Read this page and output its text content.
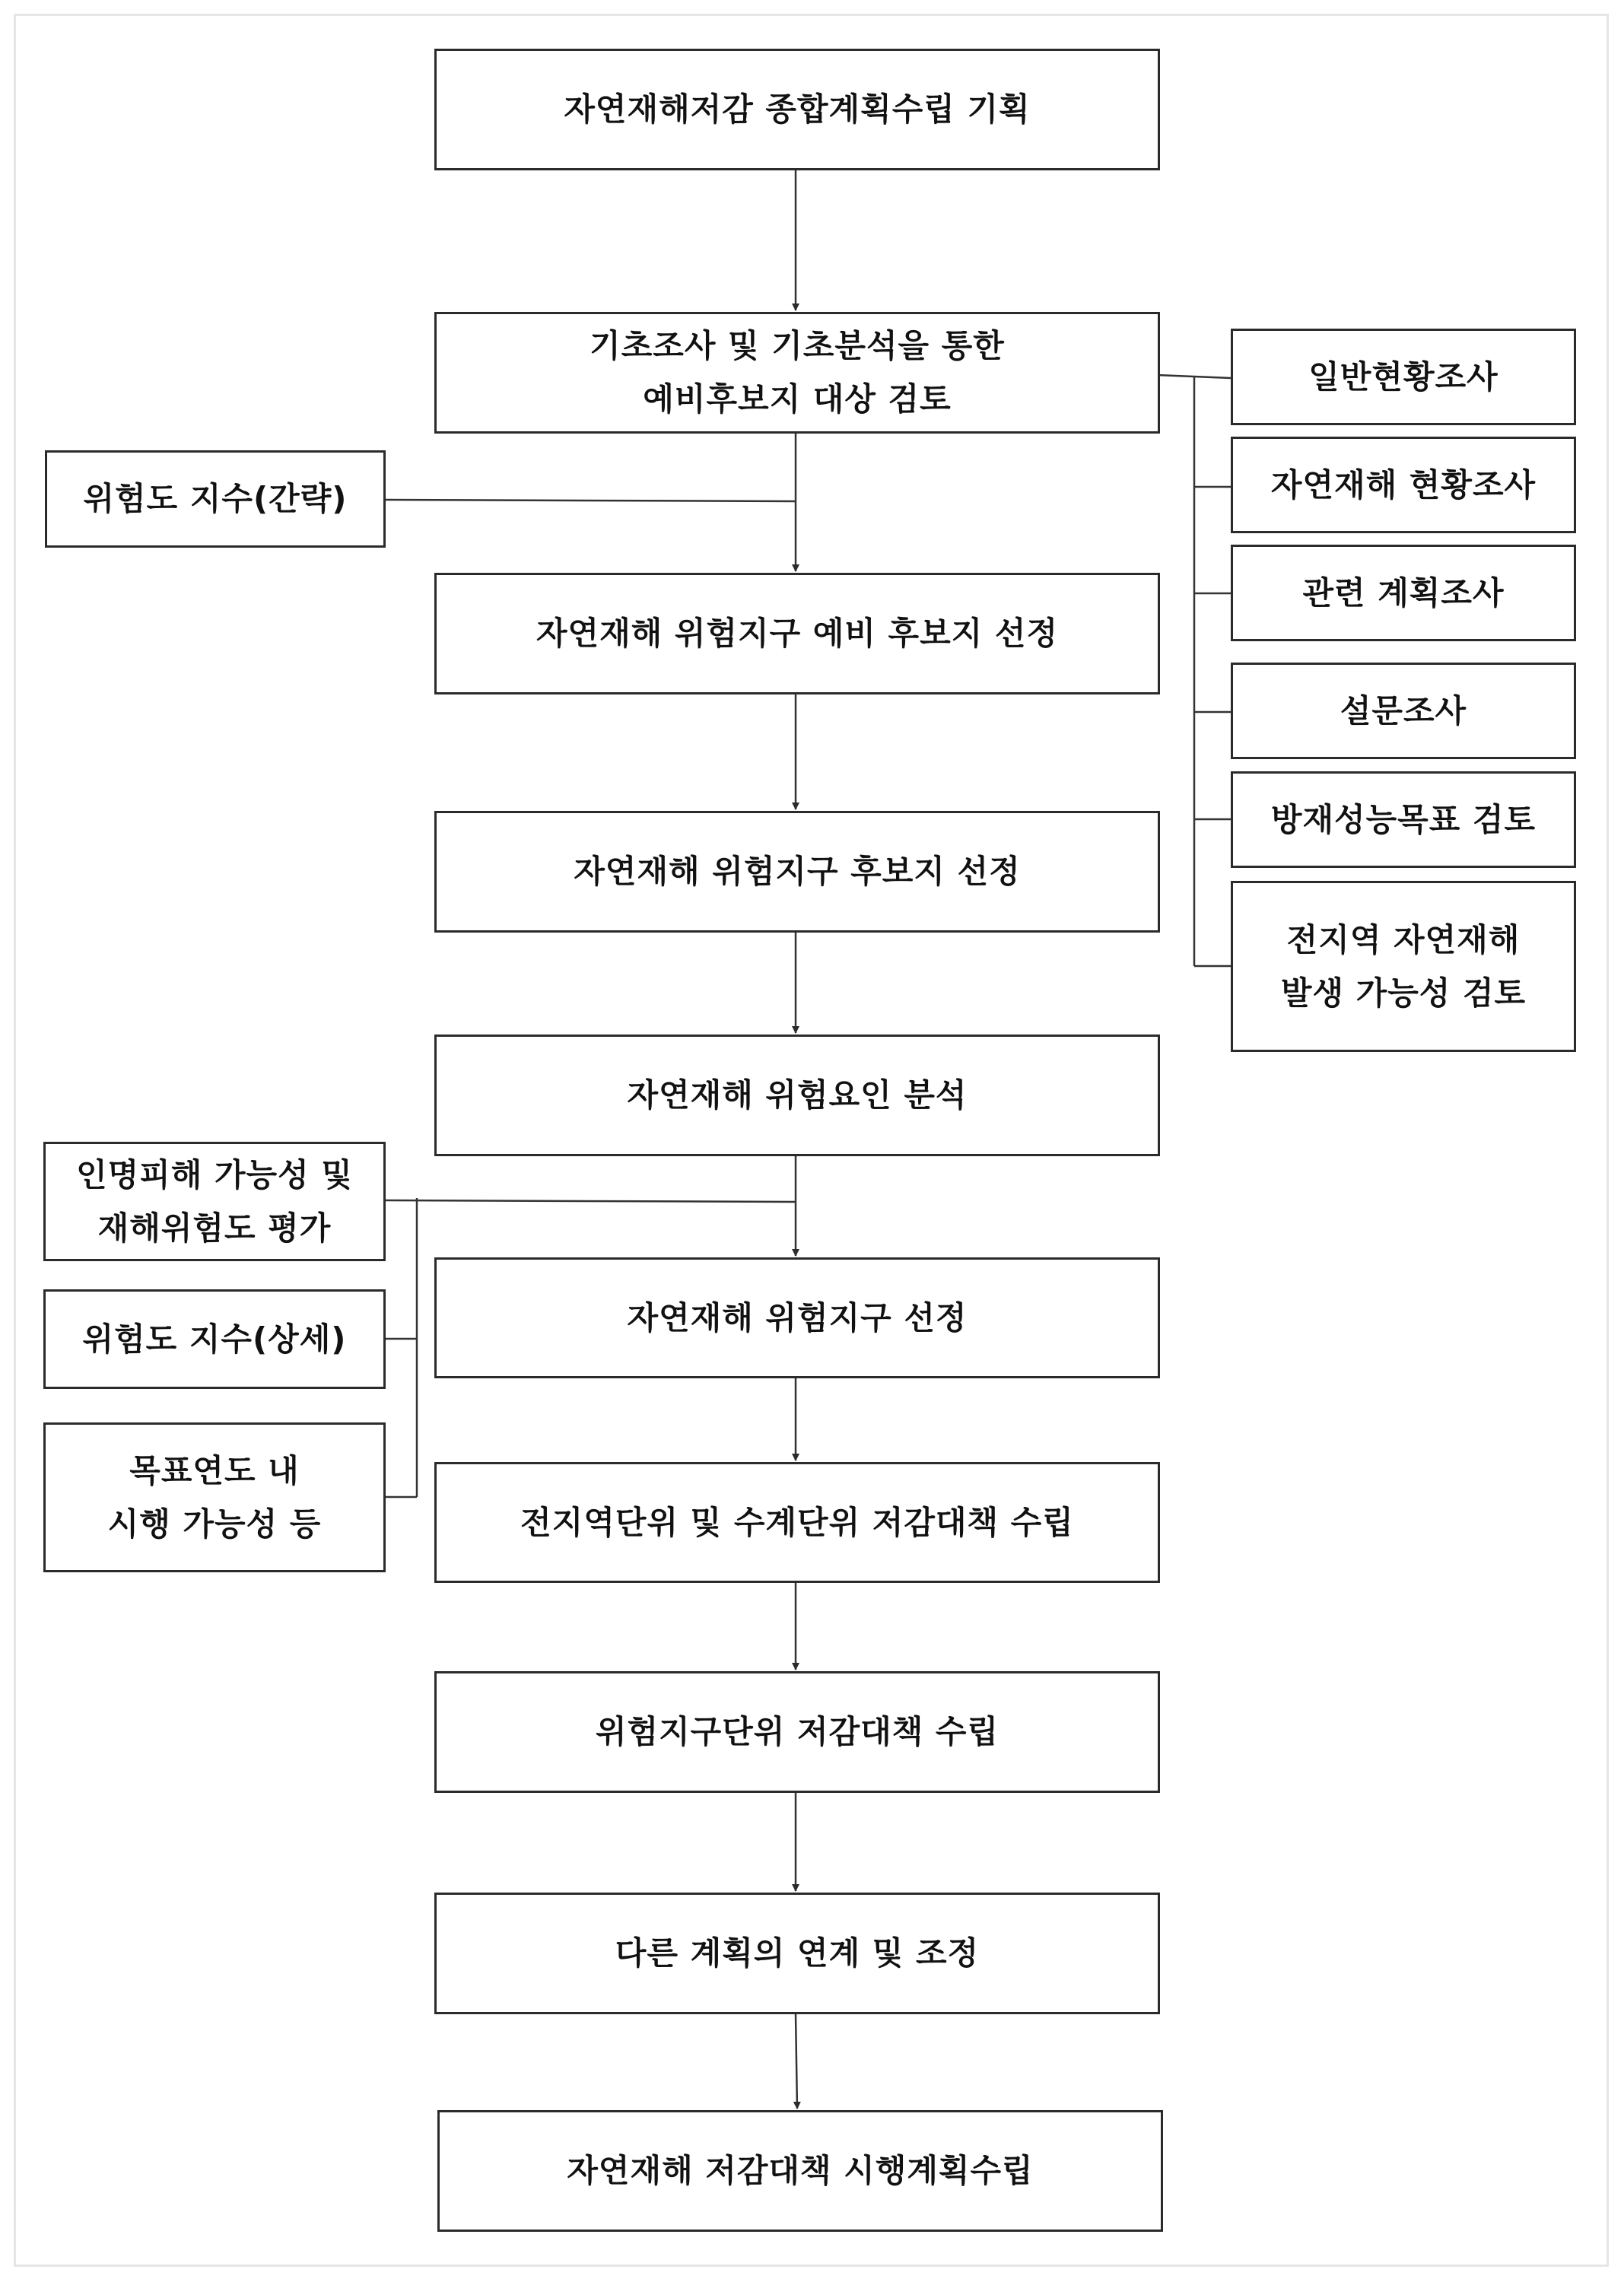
자연재해저감 종합계획수립 기획
기초조사 및 기초분석을 통한
예비후보지 대상 검토
자연재해 위험지구 예비 후보지 선정
자연재해 위험지구 후보지 선정
자연재해 위험요인 분석
자연재해 위험지구 선정
전지역단위 및 수계단위 저감대책 수립
위험지구단위 저감대책 수립
다른 계획의 연계 및 조정
자연재해 저감대책 시행계획수립
일반현황조사
자연재해 현황조사
관련 계획조사
설문조사
방재성능목표 검토
전지역 자연재해
발생 가능성 검토
위험도 지수(간략)
인명피해 가능성 및
재해위험도 평가
위험도 지수(상세)
목표연도 내
시행 가능성 등
